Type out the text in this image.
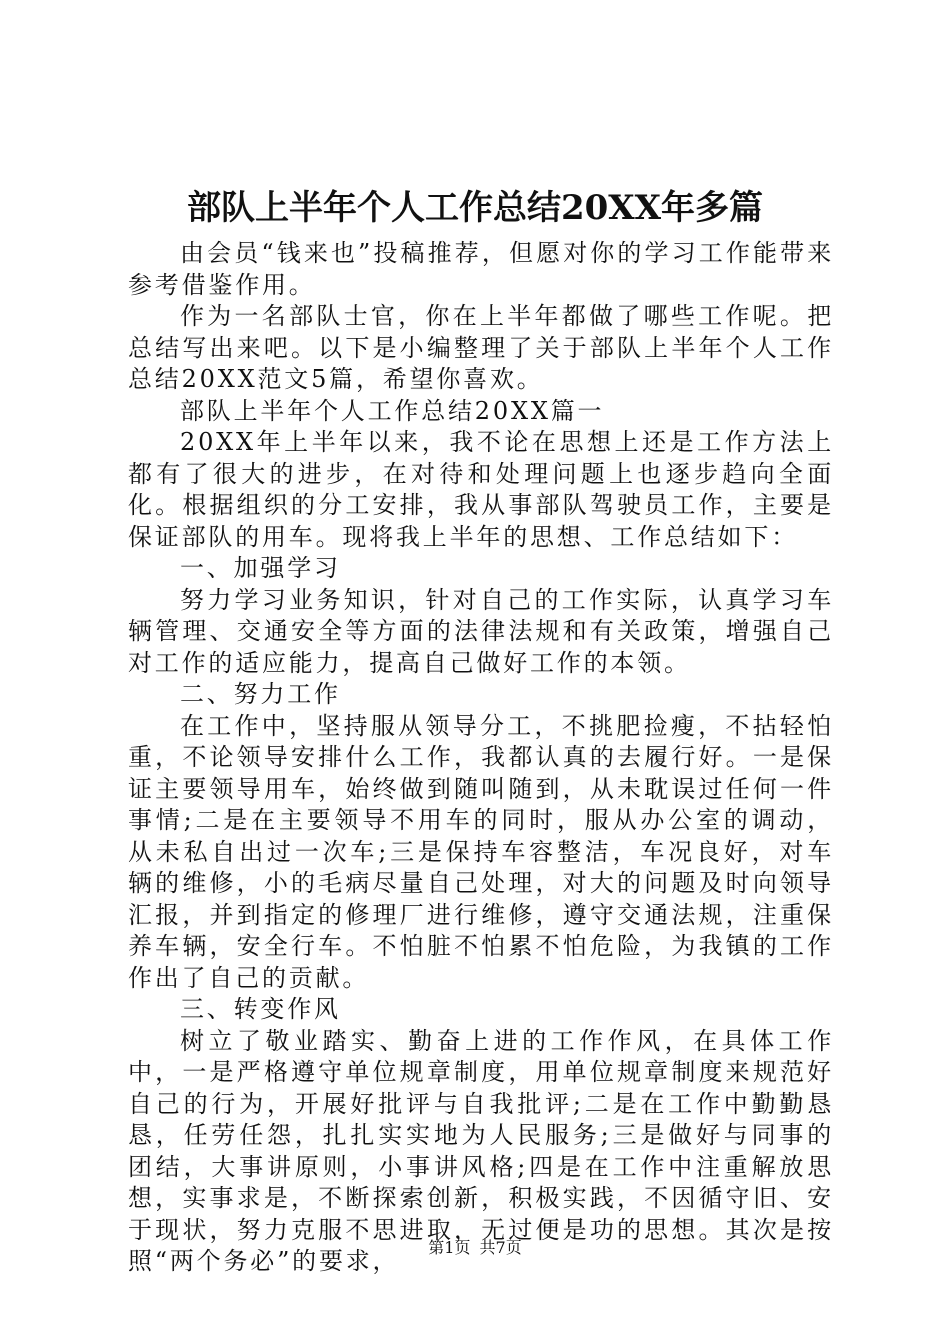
部队上半年个人工作总结20XX年多篇

由会员“钱来也”投稿推荐，但愿对你的学习工作能带来参考借鉴作用。

作为一名部队士官，你在上半年都做了哪些工作呢。把总结写出来吧。以下是小编整理了关于部队上半年个人工作总结20XX范文5篇，希望你喜欢。

部队上半年个人工作总结20XX篇一

20XX年上半年以来，我不论在思想上还是工作方法上都有了很大的进步，在对待和处理问题上也逐步趋向全面化。根据组织的分工安排，我从事部队驾驶员工作，主要是保证部队的用车。现将我上半年的思想、工作总结如下：

一、加强学习

努力学习业务知识，针对自己的工作实际，认真学习车辆管理、交通安全等方面的法律法规和有关政策，增强自己对工作的适应能力，提高自己做好工作的本领。

二、努力工作

在工作中，坚持服从领导分工，不挑肥捡瘦，不拈轻怕重，不论领导安排什么工作，我都认真的去履行好。一是保证主要领导用车，始终做到随叫随到，从未耽误过任何一件事情;二是在主要领导不用车的同时，服从办公室的调动，从未私自出过一次车;三是保持车容整洁，车况良好，对车辆的维修，小的毛病尽量自己处理，对大的问题及时向领导汇报，并到指定的修理厂进行维修，遵守交通法规，注重保养车辆，安全行车。不怕脏不怕累不怕危险，为我镇的工作作出了自己的贡献。

三、转变作风

树立了敬业踏实、勤奋上进的工作作风，在具体工作中，一是严格遵守单位规章制度，用单位规章制度来规范好自己的行为，开展好批评与自我批评;二是在工作中勤勤恳恳，任劳任怨，扎扎实实地为人民服务;三是做好与同事的团结，大事讲原则，小事讲风格;四是在工作中注重解放思想，实事求是，不断探索创新，积极实践，不因循守旧、安于现状，努力克服不思进取，无过便是功的思想。其次是按照“两个务必”的要求，	第1页 共7页
